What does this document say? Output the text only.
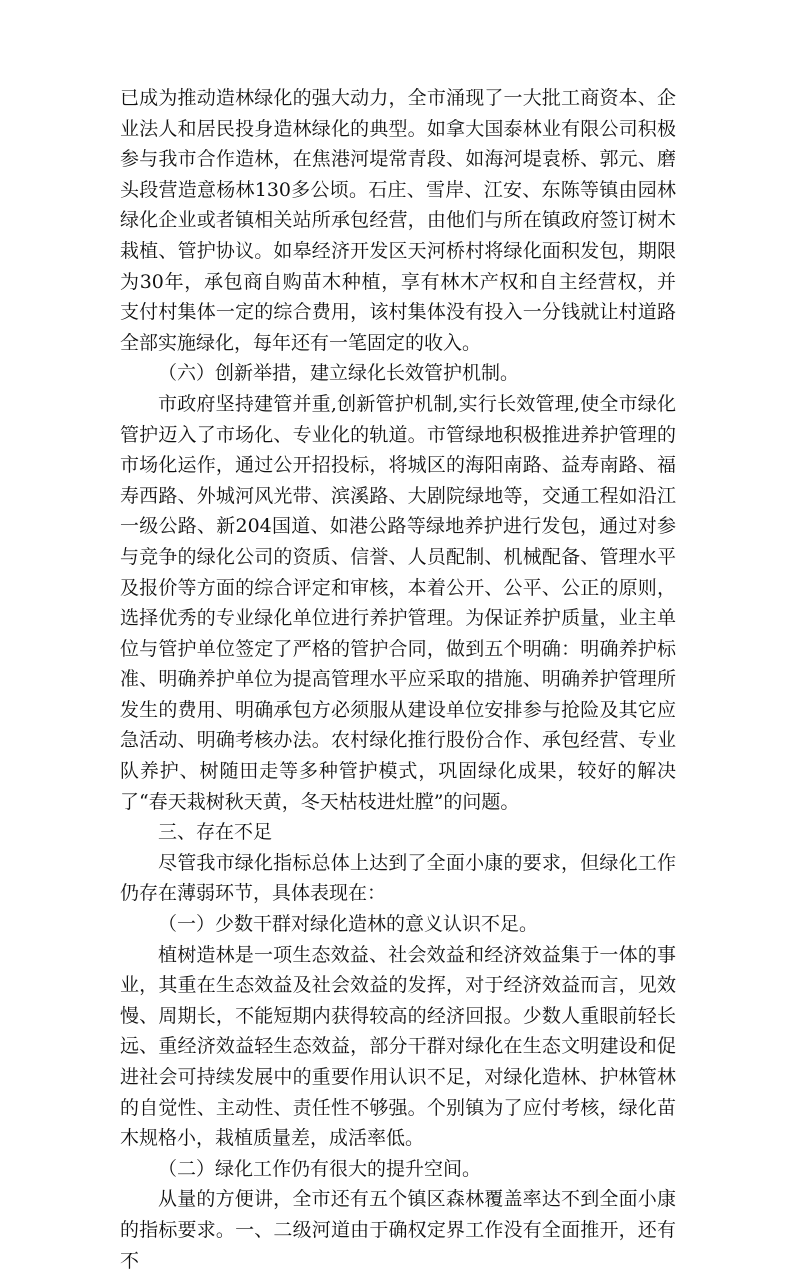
已成为推动造林绿化的强大动力，全市涌现了一大批工商资本、企业法人和居民投身造林绿化的典型。如拿大国泰林业有限公司积极参与我市合作造林，在焦港河堤常青段、如海河堤袁桥、郭元、磨头段营造意杨林130多公顷。石庄、雪岸、江安、东陈等镇由园林绿化企业或者镇相关站所承包经营，由他们与所在镇政府签订树木栽植、管护协议。如皋经济开发区天河桥村将绿化面积发包，期限为30年，承包商自购苗木种植，享有林木产权和自主经营权，并支付村集体一定的综合费用，该村集体没有投入一分钱就让村道路全部实施绿化，每年还有一笔固定的收入。

（六）创新举措，建立绿化长效管护机制。

市政府坚持建管并重,创新管护机制,实行长效管理,使全市绿化管护迈入了市场化、专业化的轨道。市管绿地积极推进养护管理的市场化运作，通过公开招投标，将城区的海阳南路、益寿南路、福寿西路、外城河风光带、滨溪路、大剧院绿地等，交通工程如沿江一级公路、新204国道、如港公路等绿地养护进行发包，通过对参与竞争的绿化公司的资质、信誉、人员配制、机械配备、管理水平及报价等方面的综合评定和审核，本着公开、公平、公正的原则，选择优秀的专业绿化单位进行养护管理。为保证养护质量，业主单位与管护单位签定了严格的管护合同，做到五个明确：明确养护标准、明确养护单位为提高管理水平应采取的措施、明确养护管理所发生的费用、明确承包方必须服从建设单位安排参与抢险及其它应急活动、明确考核办法。农村绿化推行股份合作、承包经营、专业队养护、树随田走等多种管护模式，巩固绿化成果，较好的解决了“春天栽树秋天黄，冬天枯枝进灶膛”的问题。

三、存在不足

尽管我市绿化指标总体上达到了全面小康的要求，但绿化工作仍存在薄弱环节，具体表现在：

（一）少数干群对绿化造林的意义认识不足。

植树造林是一项生态效益、社会效益和经济效益集于一体的事业，其重在生态效益及社会效益的发挥，对于经济效益而言，见效慢、周期长，不能短期内获得较高的经济回报。少数人重眼前轻长远、重经济效益轻生态效益，部分干群对绿化在生态文明建设和促进社会可持续发展中的重要作用认识不足，对绿化造林、护林管林的自觉性、主动性、责任性不够强。个别镇为了应付考核，绿化苗木规格小，栽植质量差，成活率低。

（二）绿化工作仍有很大的提升空间。

从量的方便讲，全市还有五个镇区森林覆盖率达不到全面小康的指标要求。一、二级河道由于确权定界工作没有全面推开，还有不
